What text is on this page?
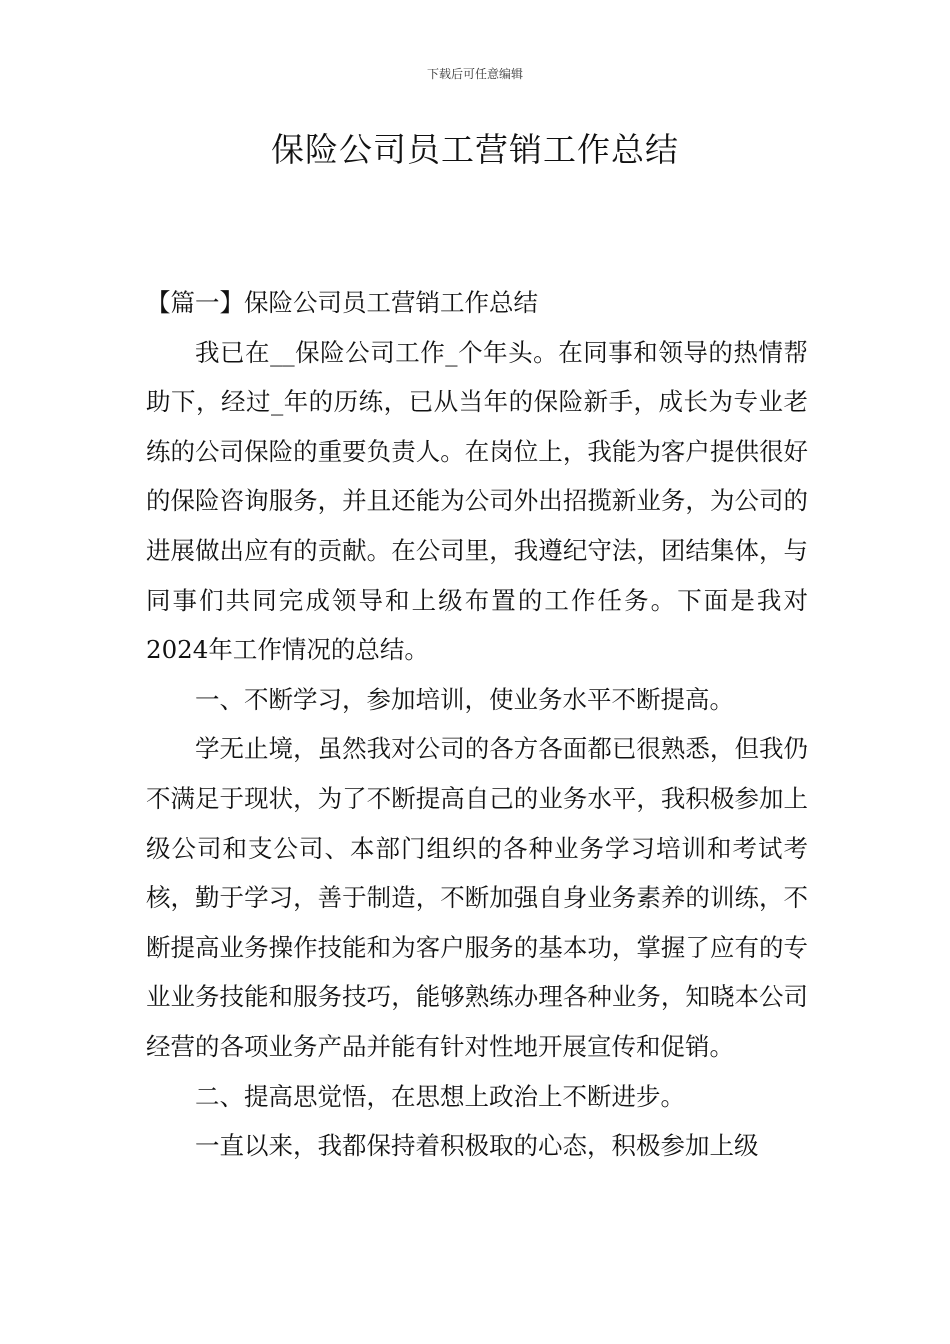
下载后可任意编辑
保险公司员工营销工作总结

【篇一】保险公司员工营销工作总结

我已在__保险公司工作_个年头。在同事和领导的热情帮助下，经过_年的历练，已从当年的保险新手，成长为专业老练的公司保险的重要负责人。在岗位上，我能为客户提供很好的保险咨询服务，并且还能为公司外出招揽新业务，为公司的进展做出应有的贡献。在公司里，我遵纪守法，团结集体，与同事们共同完成领导和上级布置的工作任务。下面是我对2024年工作情况的总结。

一、不断学习，参加培训，使业务水平不断提高。

学无止境，虽然我对公司的各方各面都已很熟悉，但我仍不满足于现状，为了不断提高自己的业务水平，我积极参加上级公司和支公司、本部门组织的各种业务学习培训和考试考核，勤于学习，善于制造，不断加强自身业务素养的训练，不断提高业务操作技能和为客户服务的基本功，掌握了应有的专业业务技能和服务技巧，能够熟练办理各种业务，知晓本公司经营的各项业务产品并能有针对性地开展宣传和促销。

二、提高思觉悟，在思想上政治上不断进步。

一直以来，我都保持着积极取的心态，积极参加上级
